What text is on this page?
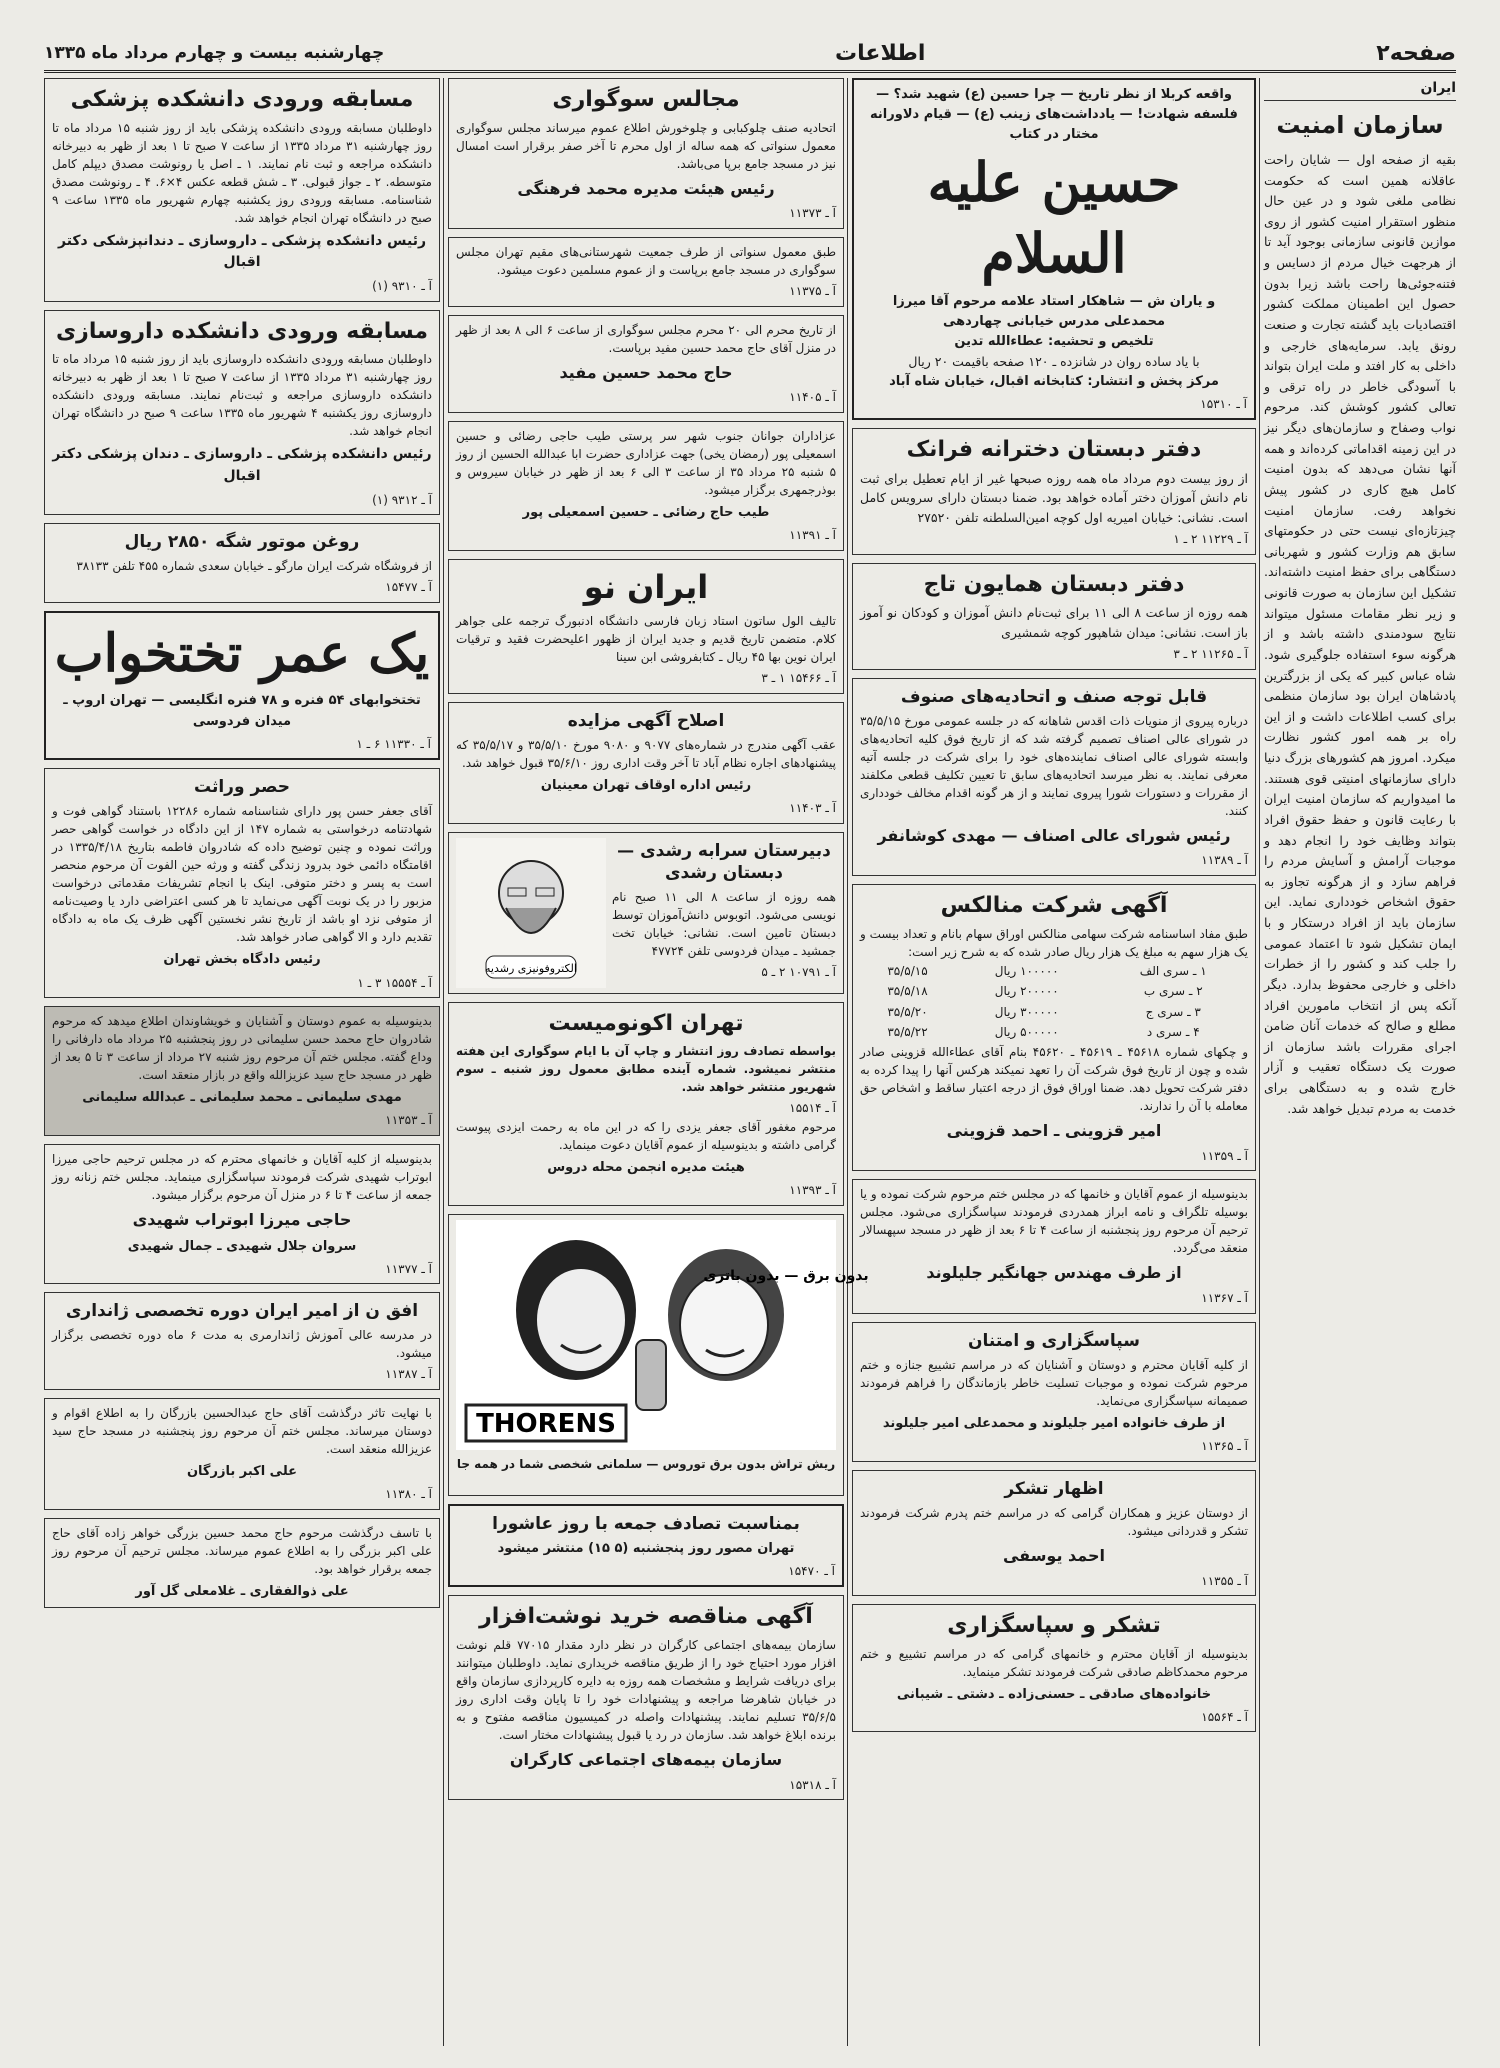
صفحه۲
اطلاعات
چهارشنبه بیست و چهارم مرداد ماه ۱۳۳۵
ایران
سازمان امنیت
بقیه از صفحه اول — شایان راحت عاقلانه همین است که حکومت نظامی ملغی شود و در عین حال منظور استقرار امنیت کشور از روی موازین قانونی سازمانی بوجود آید تا از هرجهت خیال مردم از دسایس و فتنه‌جوئی‌ها راحت باشد زیرا بدون حصول این اطمینان مملکت کشور اقتصادیات باید گشته تجارت و صنعت رونق یابد. سرمایه‌های خارجی و داخلی به کار افتد و ملت ایران بتواند با آسودگی خاطر در راه ترقی و تعالی کشور کوشش کند. مرحوم نواب وصفاح و سازمان‌های دیگر نیز در این زمینه اقداماتی کرده‌اند و همه آنها نشان می‌دهد که بدون امنیت کامل هیچ کاری در کشور پیش نخواهد رفت. سازمان امنیت چیزتازه‌ای نیست حتی در حکومتهای سابق هم وزارت کشور و شهربانی دستگاهی برای حفظ امنیت داشته‌اند. تشکیل این سازمان به صورت قانونی و زیر نظر مقامات مسئول میتواند نتایج سودمندی داشته باشد و از هرگونه سوء استفاده جلوگیری شود. شاه عباس کبیر که یکی از بزرگترین پادشاهان ایران بود سازمان منظمی برای کسب اطلاعات داشت و از این راه بر همه امور کشور نظارت میکرد. امروز هم کشورهای بزرگ دنیا دارای سازمانهای امنیتی قوی هستند. ما امیدواریم که سازمان امنیت ایران با رعایت قانون و حفظ حقوق افراد بتواند وظایف خود را انجام دهد و موجبات آرامش و آسایش مردم را فراهم سازد و از هرگونه تجاوز به حقوق اشخاص خودداری نماید. این سازمان باید از افراد درستکار و با ایمان تشکیل شود تا اعتماد عمومی را جلب کند و کشور را از خطرات داخلی و خارجی محفوظ بدارد. دیگر آنکه پس از انتخاب مامورین افراد مطلع و صالح که خدمات آنان ضامن اجرای مقررات باشد سازمان از صورت یک دستگاه تعقیب و آزار خارج شده و به دستگاهی برای خدمت به مردم تبدیل خواهد شد.
واقعه کربلا از نظر تاریخ — چرا حسین (ع) شهید شد؟ — فلسفه شهادت! — یادداشت‌های زینب (ع) — قیام دلاورانه مختار در کتاب
حسین علیه السلام
و یاران ش — شاهکار استاد علامه مرحوم آقا میرزا محمدعلی مدرس خیابانی چهاردهی
تلخیص و تحشیه: عطاءالله تدین
با یاد ساده روان در شانزده ـ ۱۲۰ صفحه باقیمت ۲۰ ریال
مرکز پخش و انتشار: کتابخانه اقبال، خیابان شاه آباد
آ ـ ۱۵۳۱۰
دفتر دبستان دخترانه فرانک
از روز بیست دوم مرداد ماه همه روزه صبحها غیر از ایام تعطیل برای ثبت نام دانش آموزان دختر آماده خواهد بود. ضمنا دبستان دارای سرویس کامل است. نشانی: خیابان امیریه اول کوچه امین‌السلطنه تلفن ۲۷۵۲۰
آ ـ ۱۱۲۲۹ ۲ ـ ۱
دفتر دبستان همایون تاج
همه روزه از ساعت ۸ الی ۱۱ برای ثبت‌نام دانش آموزان و کودکان نو آموز باز است. نشانی: میدان شاهپور کوچه شمشیری
آ ـ ۱۱۲۶۵ ۲ ـ ۳
قابل توجه صنف و اتحادیه‌های صنوف
درباره پیروی از منویات ذات اقدس شاهانه که در جلسه عمومی مورخ ۳۵/۵/۱۵ در شورای عالی اصناف تصمیم گرفته شد که از تاریخ فوق کلیه اتحادیه‌های وابسته شورای عالی اصناف نماینده‌های خود را برای شرکت در جلسه آتیه معرفی نمایند. به نظر میرسد اتحادیه‌های سابق تا تعیین تکلیف قطعی مکلفند از مقررات و دستورات شورا پیروی نمایند و از هر گونه اقدام مخالف خودداری کنند.
رئیس شورای عالی اصناف — مهدی کوشانفر
آ ـ ۱۱۳۸۹
آگهی شرکت منالکس
طبق مفاد اساسنامه شرکت سهامی منالکس اوراق سهام بانام و تعداد بیست و یک هزار سهم به مبلغ یک هزار ریال صادر شده که به شرح زیر است:
۱ ـ سری الف	۱۰۰۰۰۰ ریال	۳۵/۵/۱۵
۲ ـ سری ب	۲۰۰۰۰۰ ریال	۳۵/۵/۱۸
۳ ـ سری ج	۳۰۰۰۰۰ ریال	۳۵/۵/۲۰
۴ ـ سری د	۵۰۰۰۰۰ ریال	۳۵/۵/۲۲
و چکهای شماره ۴۵۶۱۸ ـ ۴۵۶۱۹ ـ ۴۵۶۲۰ بنام آقای عطاءالله قزوینی صادر شده و چون از تاریخ فوق شرکت آن را تعهد نمیکند هرکس آنها را پیدا کرده به دفتر شرکت تحویل دهد. ضمنا اوراق فوق از درجه اعتبار ساقط و اشخاص حق معامله با آن را ندارند.
امیر قزوینی ـ احمد قزوینی
آ ـ ۱۱۳۵۹
بدینوسیله از عموم آقایان و خانمها که در مجلس ختم مرحوم شرکت نموده و یا بوسیله تلگراف و نامه ابراز همدردی فرمودند سپاسگزاری می‌شود. مجلس ترحیم آن مرحوم روز پنجشنبه از ساعت ۴ تا ۶ بعد از ظهر در مسجد سپهسالار منعقد می‌گردد.
از طرف مهندس جهانگیر جلیلوند
آ ـ ۱۱۳۶۷
سپاسگزاری و امتنان
از کلیه آقایان محترم و دوستان و آشنایان که در مراسم تشییع جنازه و ختم مرحوم شرکت نموده و موجبات تسلیت خاطر بازماندگان را فراهم فرمودند صمیمانه سپاسگزاری می‌نماید.
از طرف خانواده امیر جلیلوند و محمدعلی امیر جلیلوند
آ ـ ۱۱۳۶۵
اظهار تشکر
از دوستان عزیز و همکاران گرامی که در مراسم ختم پدرم شرکت فرمودند تشکر و قدردانی میشود.
احمد یوسفی
آ ـ ۱۱۳۵۵
تشکر و سپاسگزاری
بدینوسیله از آقایان محترم و خانمهای گرامی که در مراسم تشییع و ختم مرحوم محمدکاظم صادقی شرکت فرمودند تشکر مینماید.
خانواده‌های صادقی ـ حسنی‌زاده ـ دشتی ـ شیبانی
آ ـ ۱۵۵۶۴
مجالس سوگواری
اتحادیه صنف چلوکبابی و چلوخورش اطلاع عموم میرساند مجلس سوگواری معمول سنواتی که همه ساله از اول محرم تا آخر صفر برقرار است امسال نیز در مسجد جامع برپا می‌باشد.
رئیس هیئت مدیره محمد فرهنگی
آ ـ ۱۱۳۷۳
طبق معمول سنواتی از طرف جمعیت شهرستانی‌های مقیم تهران مجلس سوگواری در مسجد جامع برپاست و از عموم مسلمین دعوت میشود.
آ ـ ۱۱۳۷۵
از تاریخ محرم الی ۲۰ محرم مجلس سوگواری از ساعت ۶ الی ۸ بعد از ظهر در منزل آقای حاج محمد حسین مفید برپاست.
حاج محمد حسین مفید
آ ـ ۱۱۴۰۵
عزاداران جوانان جنوب شهر سر پرستی طیب حاجی رضائی و حسین اسمعیلی پور (رمضان یخی) جهت عزاداری حضرت ابا عبدالله الحسین از روز ۵ شنبه ۲۵ مرداد ۳۵ از ساعت ۳ الی ۶ بعد از ظهر در خیابان سیروس و بوذرجمهری برگزار میشود.
طیب حاج رضائی ـ حسین اسمعیلی پور
آ ـ ۱۱۳۹۱
ایران نو
تالیف الول ساتون استاد زبان فارسی دانشگاه ادنبورگ ترجمه علی جواهر کلام. متضمن تاریخ قدیم و جدید ایران از ظهور اعلیحضرت فقید و ترقیات ایران نوین بها ۴۵ ریال ـ کتابفروشی ابن سینا
آ ـ ۱۵۴۶۶ ۱ ـ ۳
اصلاح آگهی مزایده
عقب آگهی مندرج در شماره‌های ۹۰۷۷ و ۹۰۸۰ مورخ ۳۵/۵/۱۰ و ۳۵/۵/۱۷ که پیشنهادهای اجاره نظام آباد تا آخر وقت اداری روز ۳۵/۶/۱۰ قبول خواهد شد.
رئیس اداره اوقاف تهران معینیان
آ ـ ۱۱۴۰۳
دبیرستان سرابه رشدی — دبستان رشدی
همه روزه از ساعت ۸ الی ۱۱ صبح نام نویسی می‌شود. اتوبوس دانش‌آموزان توسط دبستان تامین است. نشانی: خیابان تخت جمشید ـ میدان فردوسی تلفن ۴۷۷۲۴
آ ـ ۱۰۷۹۱ ۲ ـ ۵
الکتروفونیزی رشدیه
تهران اکونومیست
بواسطه تصادف روز انتشار و چاپ آن با ایام سوگواری این هفته منتشر نمیشود. شماره آینده مطابق معمول روز شنبه ـ سوم شهریور منتشر خواهد شد.
آ ـ ۱۵۵۱۴
مرحوم مغفور آقای جعفر یزدی را که در این ماه به رحمت ایزدی پیوست گرامی داشته و بدینوسیله از عموم آقایان دعوت مینماید.
هیئت مدیره انجمن محله دروس
آ ـ ۱۱۳۹۳
THORENS
بدون برق — بدون باتری
ریش تراش بدون برق توروس — سلمانی شخصی شما در همه جا
بمناسبت تصادف جمعه با روز عاشورا
تهران مصور روز پنجشنبه (۵ ۱۵) منتشر میشود
آ ـ ۱۵۴۷۰
آگهی مناقصه خرید نوشت‌افزار
سازمان بیمه‌های اجتماعی کارگران در نظر دارد مقدار ۷۷۰۱۵ قلم نوشت افزار مورد احتیاج خود را از طریق مناقصه خریداری نماید. داوطلبان میتوانند برای دریافت شرایط و مشخصات همه روزه به دایره کارپردازی سازمان واقع در خیابان شاهرضا مراجعه و پیشنهادات خود را تا پایان وقت اداری روز ۳۵/۶/۵ تسلیم نمایند. پیشنهادات واصله در کمیسیون مناقصه مفتوح و به برنده ابلاغ خواهد شد. سازمان در رد یا قبول پیشنهادات مختار است.
سازمان بیمه‌های اجتماعی کارگران
آ ـ ۱۵۳۱۸
مسابقه ورودی دانشکده پزشکی
داوطلبان مسابقه ورودی دانشکده پزشکی باید از روز شنبه ۱۵ مرداد ماه تا روز چهارشنبه ۳۱ مرداد ۱۳۳۵ از ساعت ۷ صبح تا ۱ بعد از ظهر به دبیرخانه دانشکده مراجعه و ثبت نام نمایند. ۱ ـ اصل یا رونوشت مصدق دیپلم کامل متوسطه. ۲ ـ جواز قبولی. ۳ ـ شش قطعه عکس ۴×۶. ۴ ـ رونوشت مصدق شناسنامه. مسابقه ورودی روز یکشنبه چهارم شهریور ماه ۱۳۳۵ ساعت ۹ صبح در دانشگاه تهران انجام خواهد شد.
رئیس دانشکده پزشکی ـ داروسازی ـ دندانپزشکی دکتر اقبال
آ ـ ۹۳۱۰ (۱)
مسابقه ورودی دانشکده داروسازی
داوطلبان مسابقه ورودی دانشکده داروسازی باید از روز شنبه ۱۵ مرداد ماه تا روز چهارشنبه ۳۱ مرداد ۱۳۳۵ از ساعت ۷ صبح تا ۱ بعد از ظهر به دبیرخانه دانشکده داروسازی مراجعه و ثبت‌نام نمایند. مسابقه ورودی دانشکده داروسازی روز یکشنبه ۴ شهریور ماه ۱۳۳۵ ساعت ۹ صبح در دانشگاه تهران انجام خواهد شد.
رئیس دانشکده پزشکی ـ داروسازی ـ دندان پزشکی دکتر اقبال
آ ـ ۹۳۱۲ (۱)
روغن موتور شگه ۲۸۵۰ ریال
از فروشگاه شرکت ایران مارگو ـ خیابان سعدی شماره ۴۵۵ تلفن ۳۸۱۳۳
آ ـ ۱۵۴۷۷
یک عمر تختخواب
تختخوابهای ۵۴ فنره و ۷۸ فنره انگلیسی — تهران اروپ ـ میدان فردوسی
آ ـ ۱۱۳۳۰ ۶ ـ ۱
حصر وراثت
آقای جعفر حسن پور دارای شناسنامه شماره ۱۲۲۸۶ باستناد گواهی فوت و شهادتنامه درخواستی به شماره ۱۴۷ از این دادگاه در خواست گواهی حصر وراثت نموده و چنین توضیح داده که شادروان فاطمه بتاریخ ۱۳۳۵/۴/۱۸ در اقامتگاه دائمی خود بدرود زندگی گفته و ورثه حین الفوت آن مرحوم منحصر است به پسر و دختر متوفی. اینک با انجام تشریفات مقدماتی درخواست مزبور را در یک نوبت آگهی می‌نماید تا هر کسی اعتراضی دارد یا وصیت‌نامه از متوفی نزد او باشد از تاریخ نشر نخستین آگهی ظرف یک ماه به دادگاه تقدیم دارد و الا گواهی صادر خواهد شد.
رئیس دادگاه بخش تهران
آ ـ ۱۵۵۵۴ ۳ ـ ۱
بدینوسیله به عموم دوستان و آشنایان و خویشاوندان اطلاع میدهد که مرحوم شادروان حاج محمد حسن سلیمانی در روز پنجشنبه ۲۵ مرداد ماه دارفانی را وداع گفته. مجلس ختم آن مرحوم روز شنبه ۲۷ مرداد از ساعت ۳ تا ۵ بعد از ظهر در مسجد حاج سید عزیزالله واقع در بازار منعقد است.
مهدی سلیمانی ـ محمد سلیمانی ـ عبدالله سلیمانی
آ ـ ۱۱۳۵۳
بدینوسیله از کلیه آقایان و خانمهای محترم که در مجلس ترحیم حاجی میرزا ابوتراب شهیدی شرکت فرمودند سپاسگزاری مینماید. مجلس ختم زنانه روز جمعه از ساعت ۴ تا ۶ در منزل آن مرحوم برگزار میشود.
حاجی میرزا ابوتراب شهیدی
سروان جلال شهیدی ـ جمال شهیدی
آ ـ ۱۱۳۷۷
افق ن از امیر ایران دوره تخصصی ژانداری
در مدرسه عالی آموزش ژاندارمری به مدت ۶ ماه دوره تخصصی برگزار میشود.
آ ـ ۱۱۳۸۷
با نهایت تاثر درگذشت آقای حاج عبدالحسین بازرگان را به اطلاع اقوام و دوستان میرساند. مجلس ختم آن مرحوم روز پنجشنبه در مسجد حاج سید عزیزالله منعقد است.
علی اکبر بازرگان
آ ـ ۱۱۳۸۰
با تاسف درگذشت مرحوم حاج محمد حسین بزرگی خواهر زاده آقای حاج علی اکبر بزرگی را به اطلاع عموم میرساند. مجلس ترحیم آن مرحوم روز جمعه برقرار خواهد بود.
علی ذوالفقاری ـ غلامعلی گل آور
